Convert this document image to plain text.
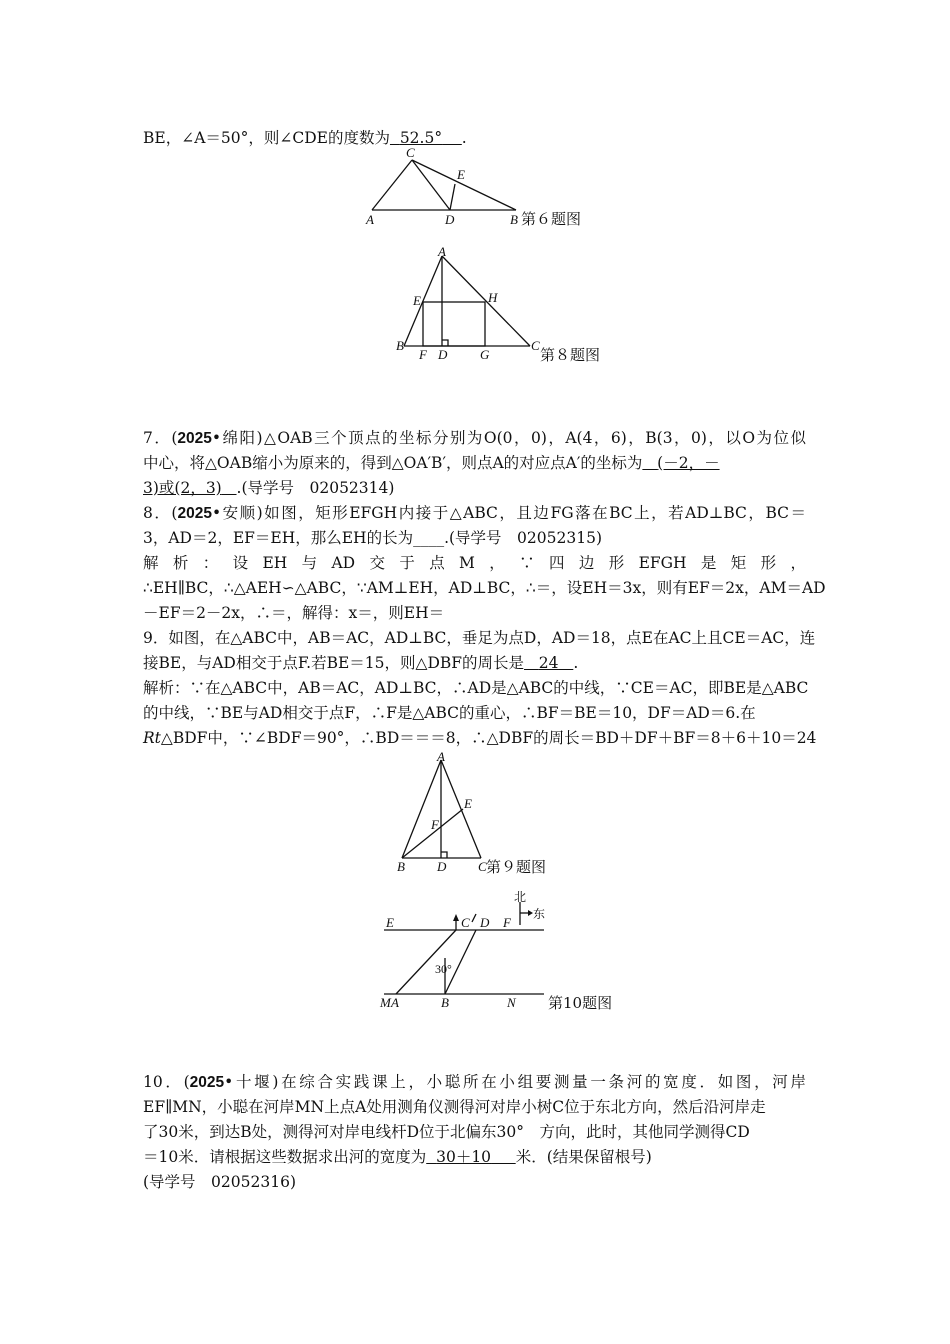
BE，∠A＝50°，则∠CDE的度数为 52.5° .
C
E
A	D	B 第６题图
A
E	H
B
F D	G
C
第８题图
7．(2025•绵阳)△OAB三个顶点的坐标分别为O(0，0)，A(4，6)，B(3，0)，以O为位似
中心，将△OAB缩小为原来的，得到△OA′B′，则点A的对应点A′的坐标为 (－2，－
3)或(2，3) .(导学号　02052314)
8．(2025•安顺)如图，矩形EFGH内接于△ABC，且边FG落在BC上，若AD⊥BC，BC＝
3，AD＝2，EF＝EH，那么EH的长为____.(导学号　02052315)
解析：设EH与AD交于点M，∵四边形EFGH是矩形，
∴EH∥BC，∴△AEH∽△ABC，∵AM⊥EH，AD⊥BC，∴＝，设EH＝3x，则有EF＝2x，AM＝AD
－EF＝2－2x，∴＝，解得：x＝，则EH＝
9．如图，在△ABC中，AB＝AC，AD⊥BC，垂足为点D，AD＝18，点E在AC上且CE＝AC，连
接BE，与AD相交于点F.若BE＝15，则△DBF的周长是 24 .
解析：∵在△ABC中，AB＝AC，AD⊥BC，∴AD是△ABC的中线，∵CE＝AC，即BE是△ABC
的中线，∵BE与AD相交于点F，∴F是△ABC的重心，∴BF＝BE＝10，DF＝AD＝6.在
Rt△BDF中，∵∠BDF＝90°，∴BD＝＝＝8，∴△DBF的周长＝BD＋DF＋BF＝8＋6＋10＝24
A
E
F
B D C 第９题图
E	C D F
M A	B	N
30°
北
东
第10题图
10．(2025•十堰)在综合实践课上，小聪所在小组要测量一条河的宽度．如图，河岸
EF∥MN，小聪在河岸MN上点A处用测角仪测得河对岸小树C位于东北方向，然后沿河岸走
了30米，到达B处，测得河对岸电线杆D位于北偏东30°　方向，此时，其他同学测得CD
＝10米．请根据这些数据求出河的宽度为 30＋10 米．(结果保留根号)
(导学号　02052316)
